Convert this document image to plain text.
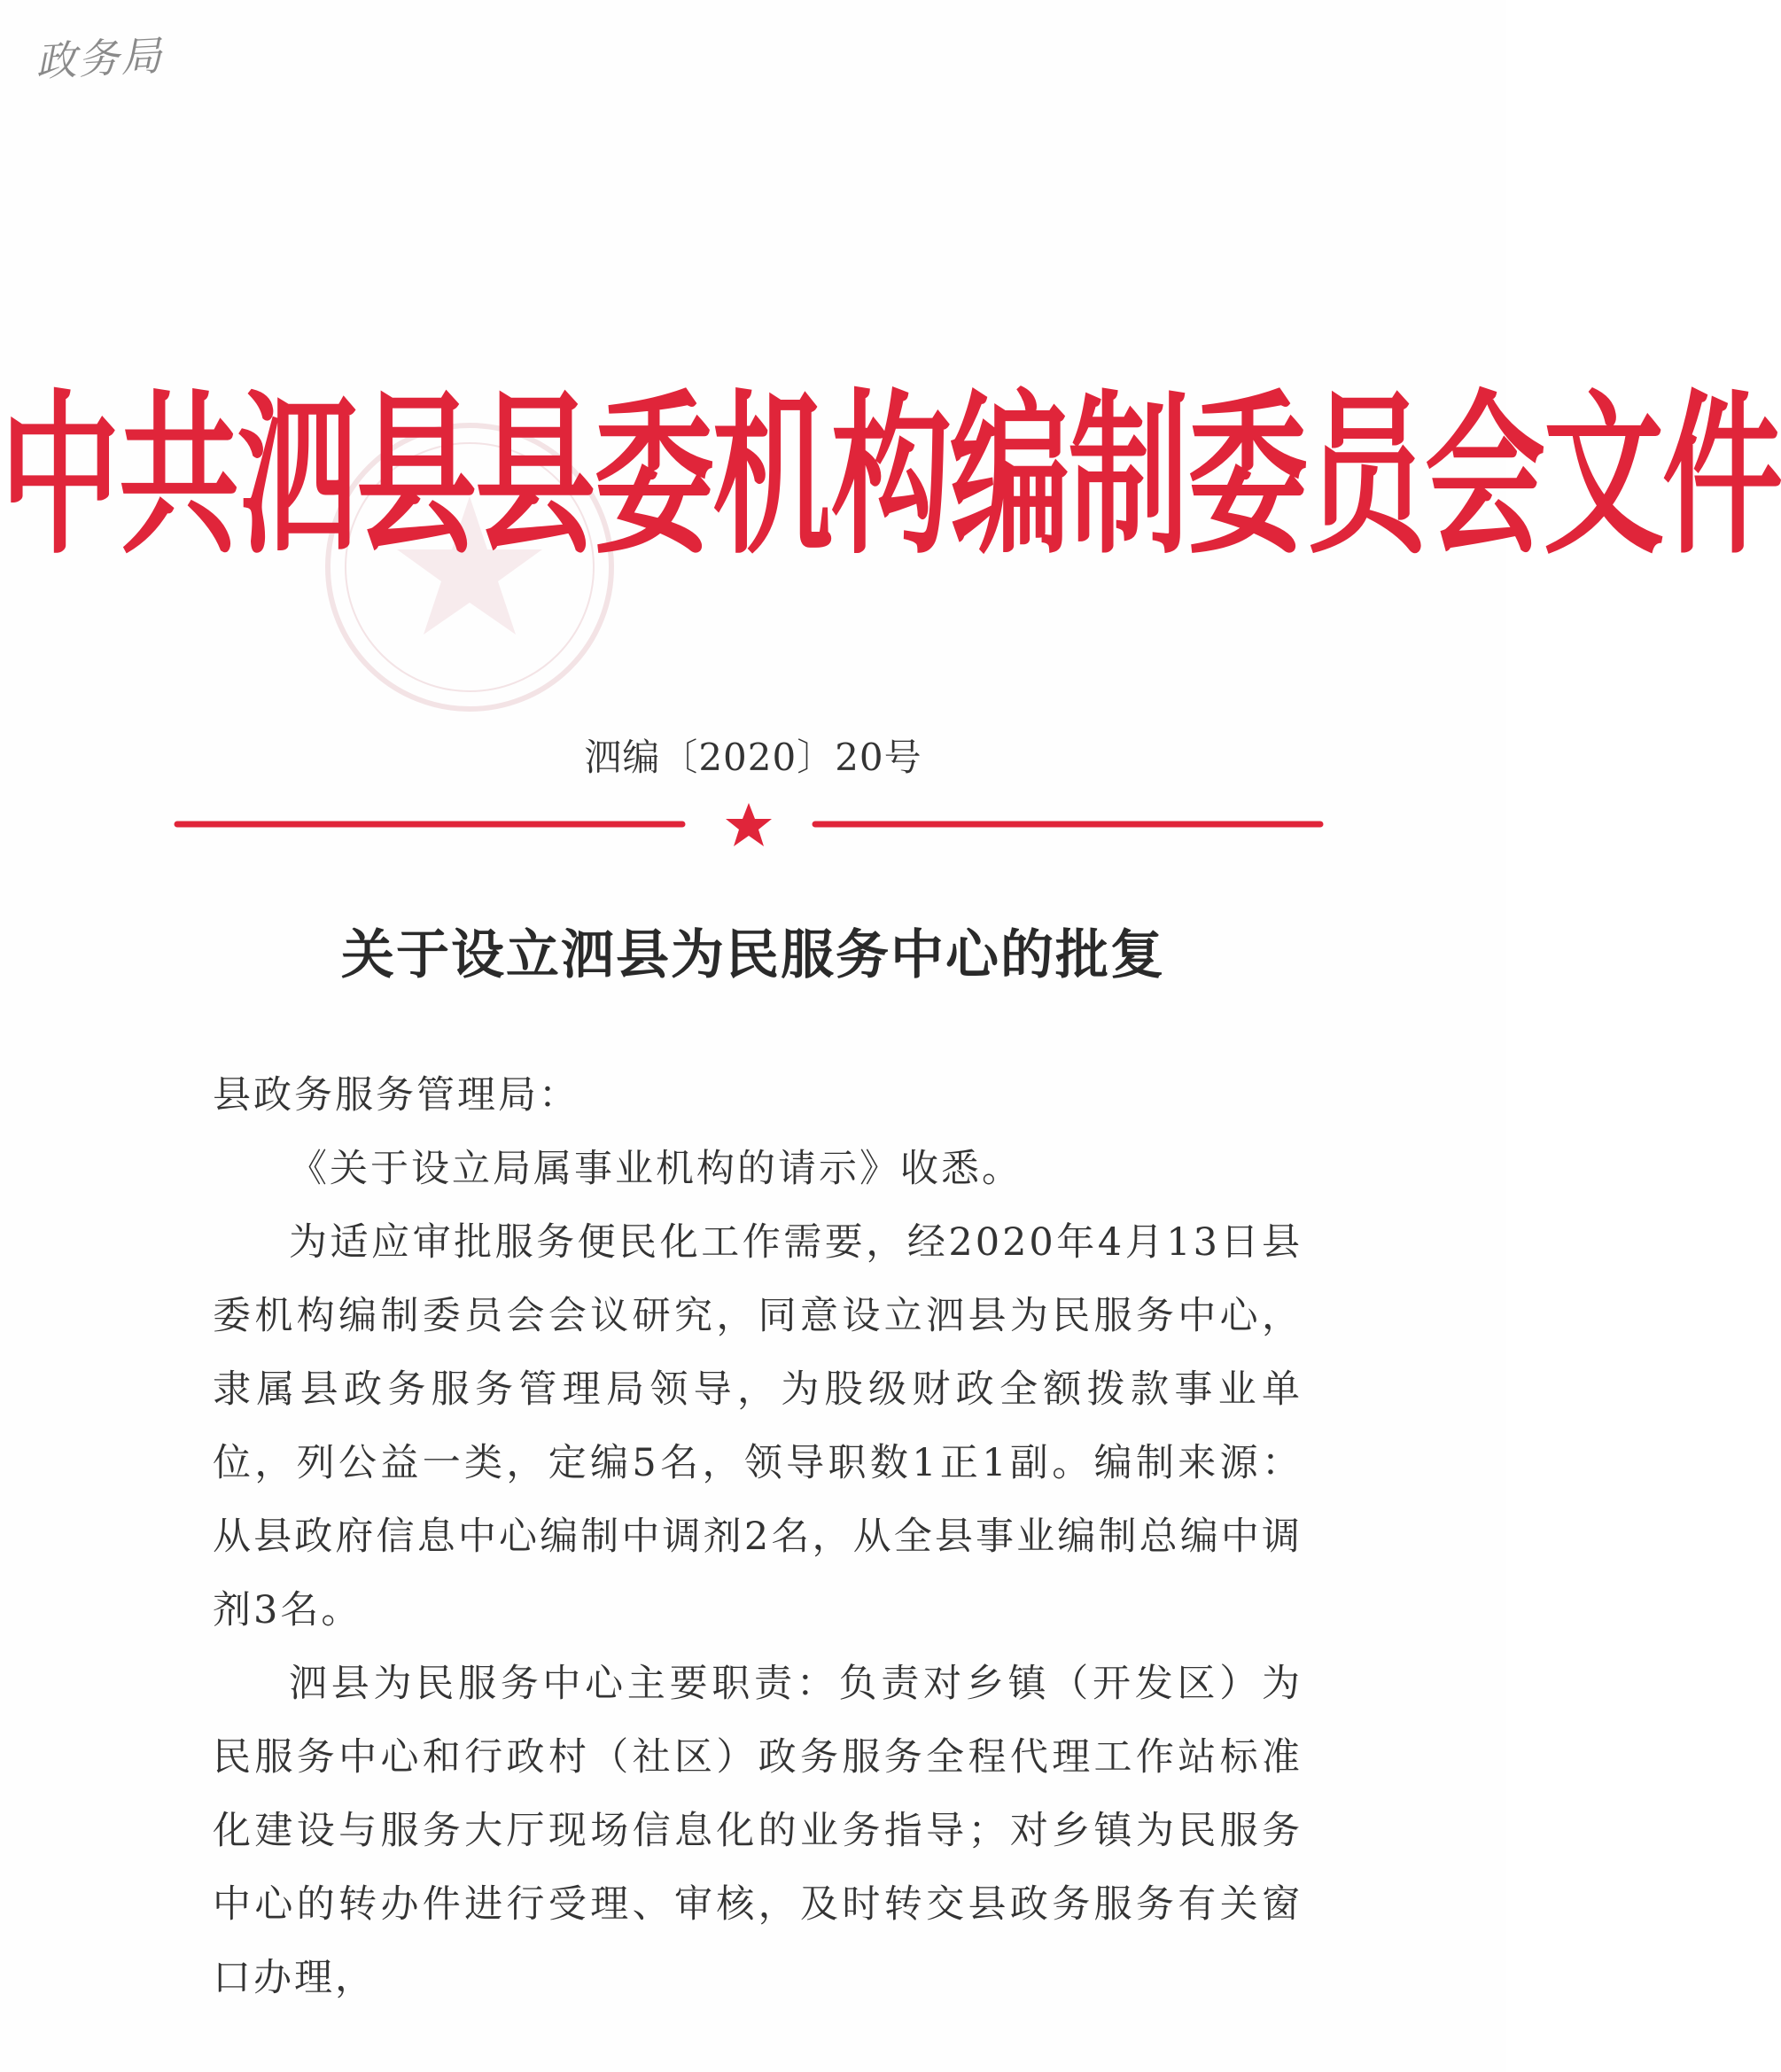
政务局
中共泗县县委机构编制委员会文件
泗编〔2020〕20号
关于设立泗县为民服务中心的批复

县政务服务管理局：

《关于设立局属事业机构的请示》收悉。

为适应审批服务便民化工作需要，经2020年4月13日县委机构编制委员会会议研究，同意设立泗县为民服务中心，隶属县政务服务管理局领导，为股级财政全额拨款事业单位，列公益一类，定编5名，领导职数1正1副。编制来源：从县政府信息中心编制中调剂2名，从全县事业编制总编中调剂3名。

泗县为民服务中心主要职责：负责对乡镇（开发区）为民服务中心和行政村（社区）政务服务全程代理工作站标准化建设与服务大厅现场信息化的业务指导；对乡镇为民服务中心的转办件进行受理、审核，及时转交县政务服务有关窗口办理，
